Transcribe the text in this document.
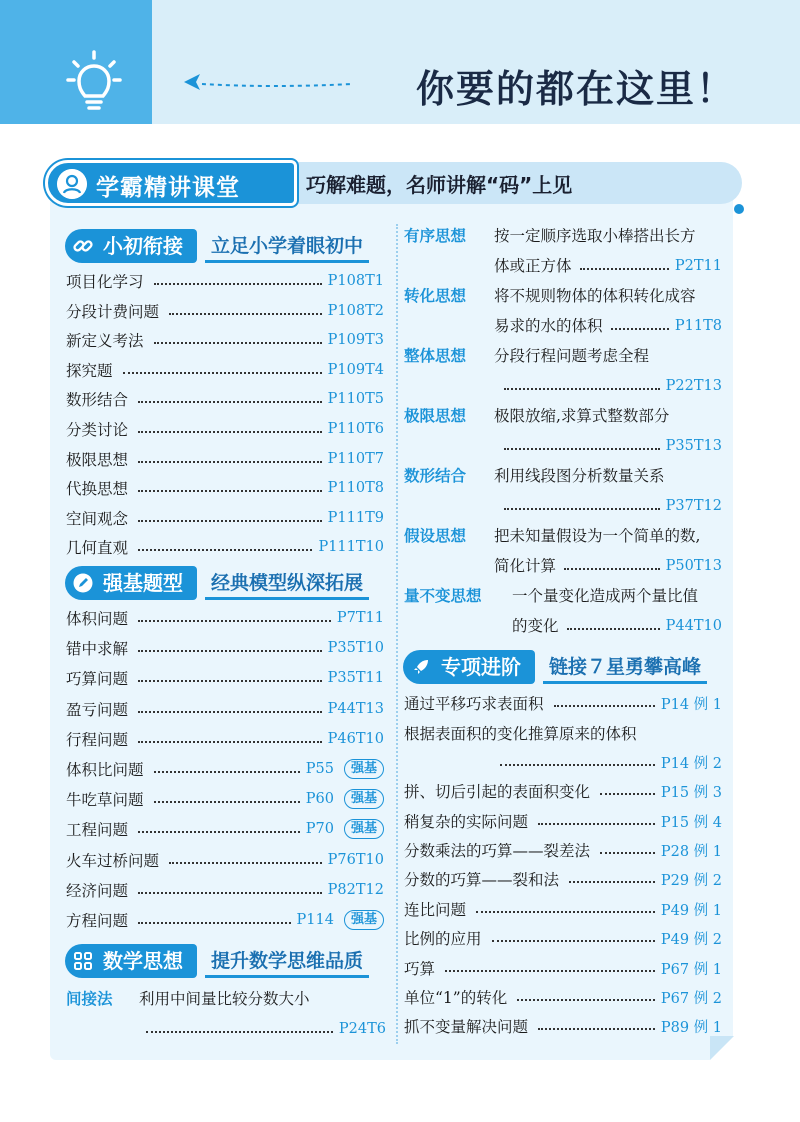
你要的都在这里！
巧解难题，名师讲解“码”上见
学霸精讲课堂
小初衔接	立足小学着眼初中
项目化学习	P108T1
分段计费问题	P108T2
新定义考法	P109T3
探究题	P109T4
数形结合	P110T5
分类讨论	P110T6
极限思想	P110T7
代换思想	P110T8
空间观念	P111T9
几何直观	P111T10
强基题型	经典模型纵深拓展
体积问题	P7T11
错中求解	P35T10
巧算问题	P35T11
盈亏问题	P44T13
行程问题	P46T10
体积比问题	P55	强基
牛吃草问题	P60	强基
工程问题	P70	强基
火车过桥问题	P76T10
经济问题	P82T12
方程问题	P114	强基
数学思想	提升数学思维品质
间接法 利用中间量比较分数大小
P24T6
有序思想 按一定顺序选取小棒搭出长方
体或正方体	P2T11
转化思想 将不规则物体的体积转化成容
易求的水的体积	P11T8
整体思想 分段行程问题考虑全程
P22T13
极限思想 极限放缩,求算式整数部分
P35T13
数形结合 利用线段图分析数量关系
P37T12
假设思想 把未知量假设为一个简单的数,
简化计算	P50T13
量不变思想 一个量变化造成两个量比值
的变化	P44T10
专项进阶	链接７星勇攀高峰
通过平移巧求表面积	P14 例 1
根据表面积的变化推算原来的体积
P14 例 2
拼、切后引起的表面积变化	P15 例 3
稍复杂的实际问题	P15 例 4
分数乘法的巧算——裂差法	P28 例 1
分数的巧算——裂和法	P29 例 2
连比问题	P49 例 1
比例的应用	P49 例 2
巧算	P67 例 1
单位“1”的转化	P67 例 2
抓不变量解决问题	P89 例 1
